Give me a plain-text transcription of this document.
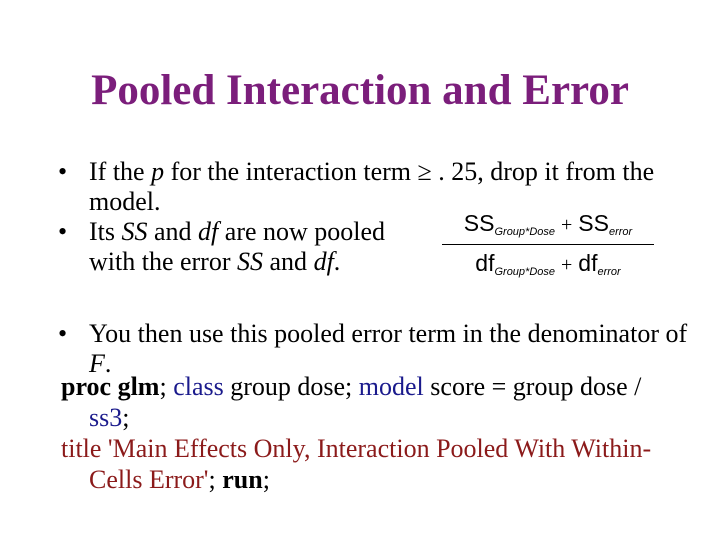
Pooled Interaction and Error
• If the p for the interaction term ≥ . 25, drop it from the model.
• Its SS and df are now pooled
with the error SS and df.
• You then use this pooled error term in the denominator of F.
proc glm; class group dose; model score = group dose / ss3;
title 'Main Effects Only, Interaction Pooled With Within-Cells Error'; run;
$SS_{Group*Dose} + SS_{error}$
$df_{Group*Dose} + df_{error}$
